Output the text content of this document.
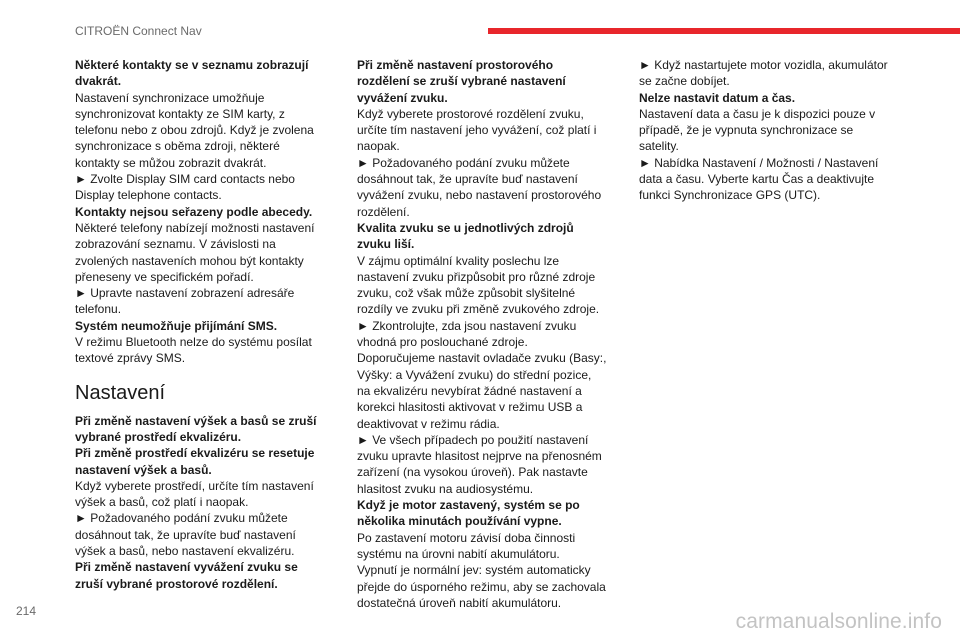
CITROËN Connect Nav

Některé kontakty se v seznamu zobrazují dvakrát.

Nastavení synchronizace umožňuje synchronizovat kontakty ze SIM karty, z telefonu nebo z obou zdrojů. Když je zvolena synchronizace s oběma zdroji, některé kontakty se můžou zobrazit dvakrát.

► Zvolte Display SIM card contacts nebo Display telephone contacts.

Kontakty nejsou seřazeny podle abecedy.

Některé telefony nabízejí možnosti nastavení zobrazování seznamu. V závislosti na zvolených nastaveních mohou být kontakty přeneseny ve specifickém pořadí.

► Upravte nastavení zobrazení adresáře telefonu.

Systém neumožňuje přijímání SMS.

V režimu Bluetooth nelze do systému posílat textové zprávy SMS.

Nastavení

Při změně nastavení výšek a basů se zruší vybrané prostředí ekvalizéru.

Při změně prostředí ekvalizéru se resetuje nastavení výšek a basů.

Když vyberete prostředí, určíte tím nastavení výšek a basů, což platí i naopak.

► Požadovaného podání zvuku můžete dosáhnout tak, že upravíte buď nastavení výšek a basů, nebo nastavení ekvalizéru.

Při změně nastavení vyvážení zvuku se zruší vybrané prostorové rozdělení.

Při změně nastavení prostorového rozdělení se zruší vybrané nastavení vyvážení zvuku.

Když vyberete prostorové rozdělení zvuku, určíte tím nastavení jeho vyvážení, což platí i naopak.

► Požadovaného podání zvuku můžete dosáhnout tak, že upravíte buď nastavení vyvážení zvuku, nebo nastavení prostorového rozdělení.

Kvalita zvuku se u jednotlivých zdrojů zvuku liší.

V zájmu optimální kvality poslechu lze nastavení zvuku přizpůsobit pro různé zdroje zvuku, což však může způsobit slyšitelné rozdíly ve zvuku při změně zvukového zdroje.

► Zkontrolujte, zda jsou nastavení zvuku vhodná pro poslouchané zdroje. Doporučujeme nastavit ovladače zvuku (Basy:, Výšky: a Vyvážení zvuku) do střední pozice, na ekvalizéru nevybírat žádné nastavení a korekci hlasitosti aktivovat v režimu USB a deaktivovat v režimu rádia.

► Ve všech případech po použití nastavení zvuku upravte hlasitost nejprve na přenosném zařízení (na vysokou úroveň). Pak nastavte hlasitost zvuku na audiosystému.

Když je motor zastavený, systém se po několika minutách používání vypne.

Po zastavení motoru závisí doba činnosti systému na úrovni nabití akumulátoru.

Vypnutí je normální jev: systém automaticky přejde do úsporného režimu, aby se zachovala dostatečná úroveň nabití akumulátoru.

► Když nastartujete motor vozidla, akumulátor se začne dobíjet.

Nelze nastavit datum a čas.

Nastavení data a času je k dispozici pouze v případě, že je vypnuta synchronizace se satelity.

► Nabídka Nastavení / Možnosti / Nastavení data a času. Vyberte kartu Čas a deaktivujte funkci Synchronizace GPS (UTC).

214	carmanualsonline.info
